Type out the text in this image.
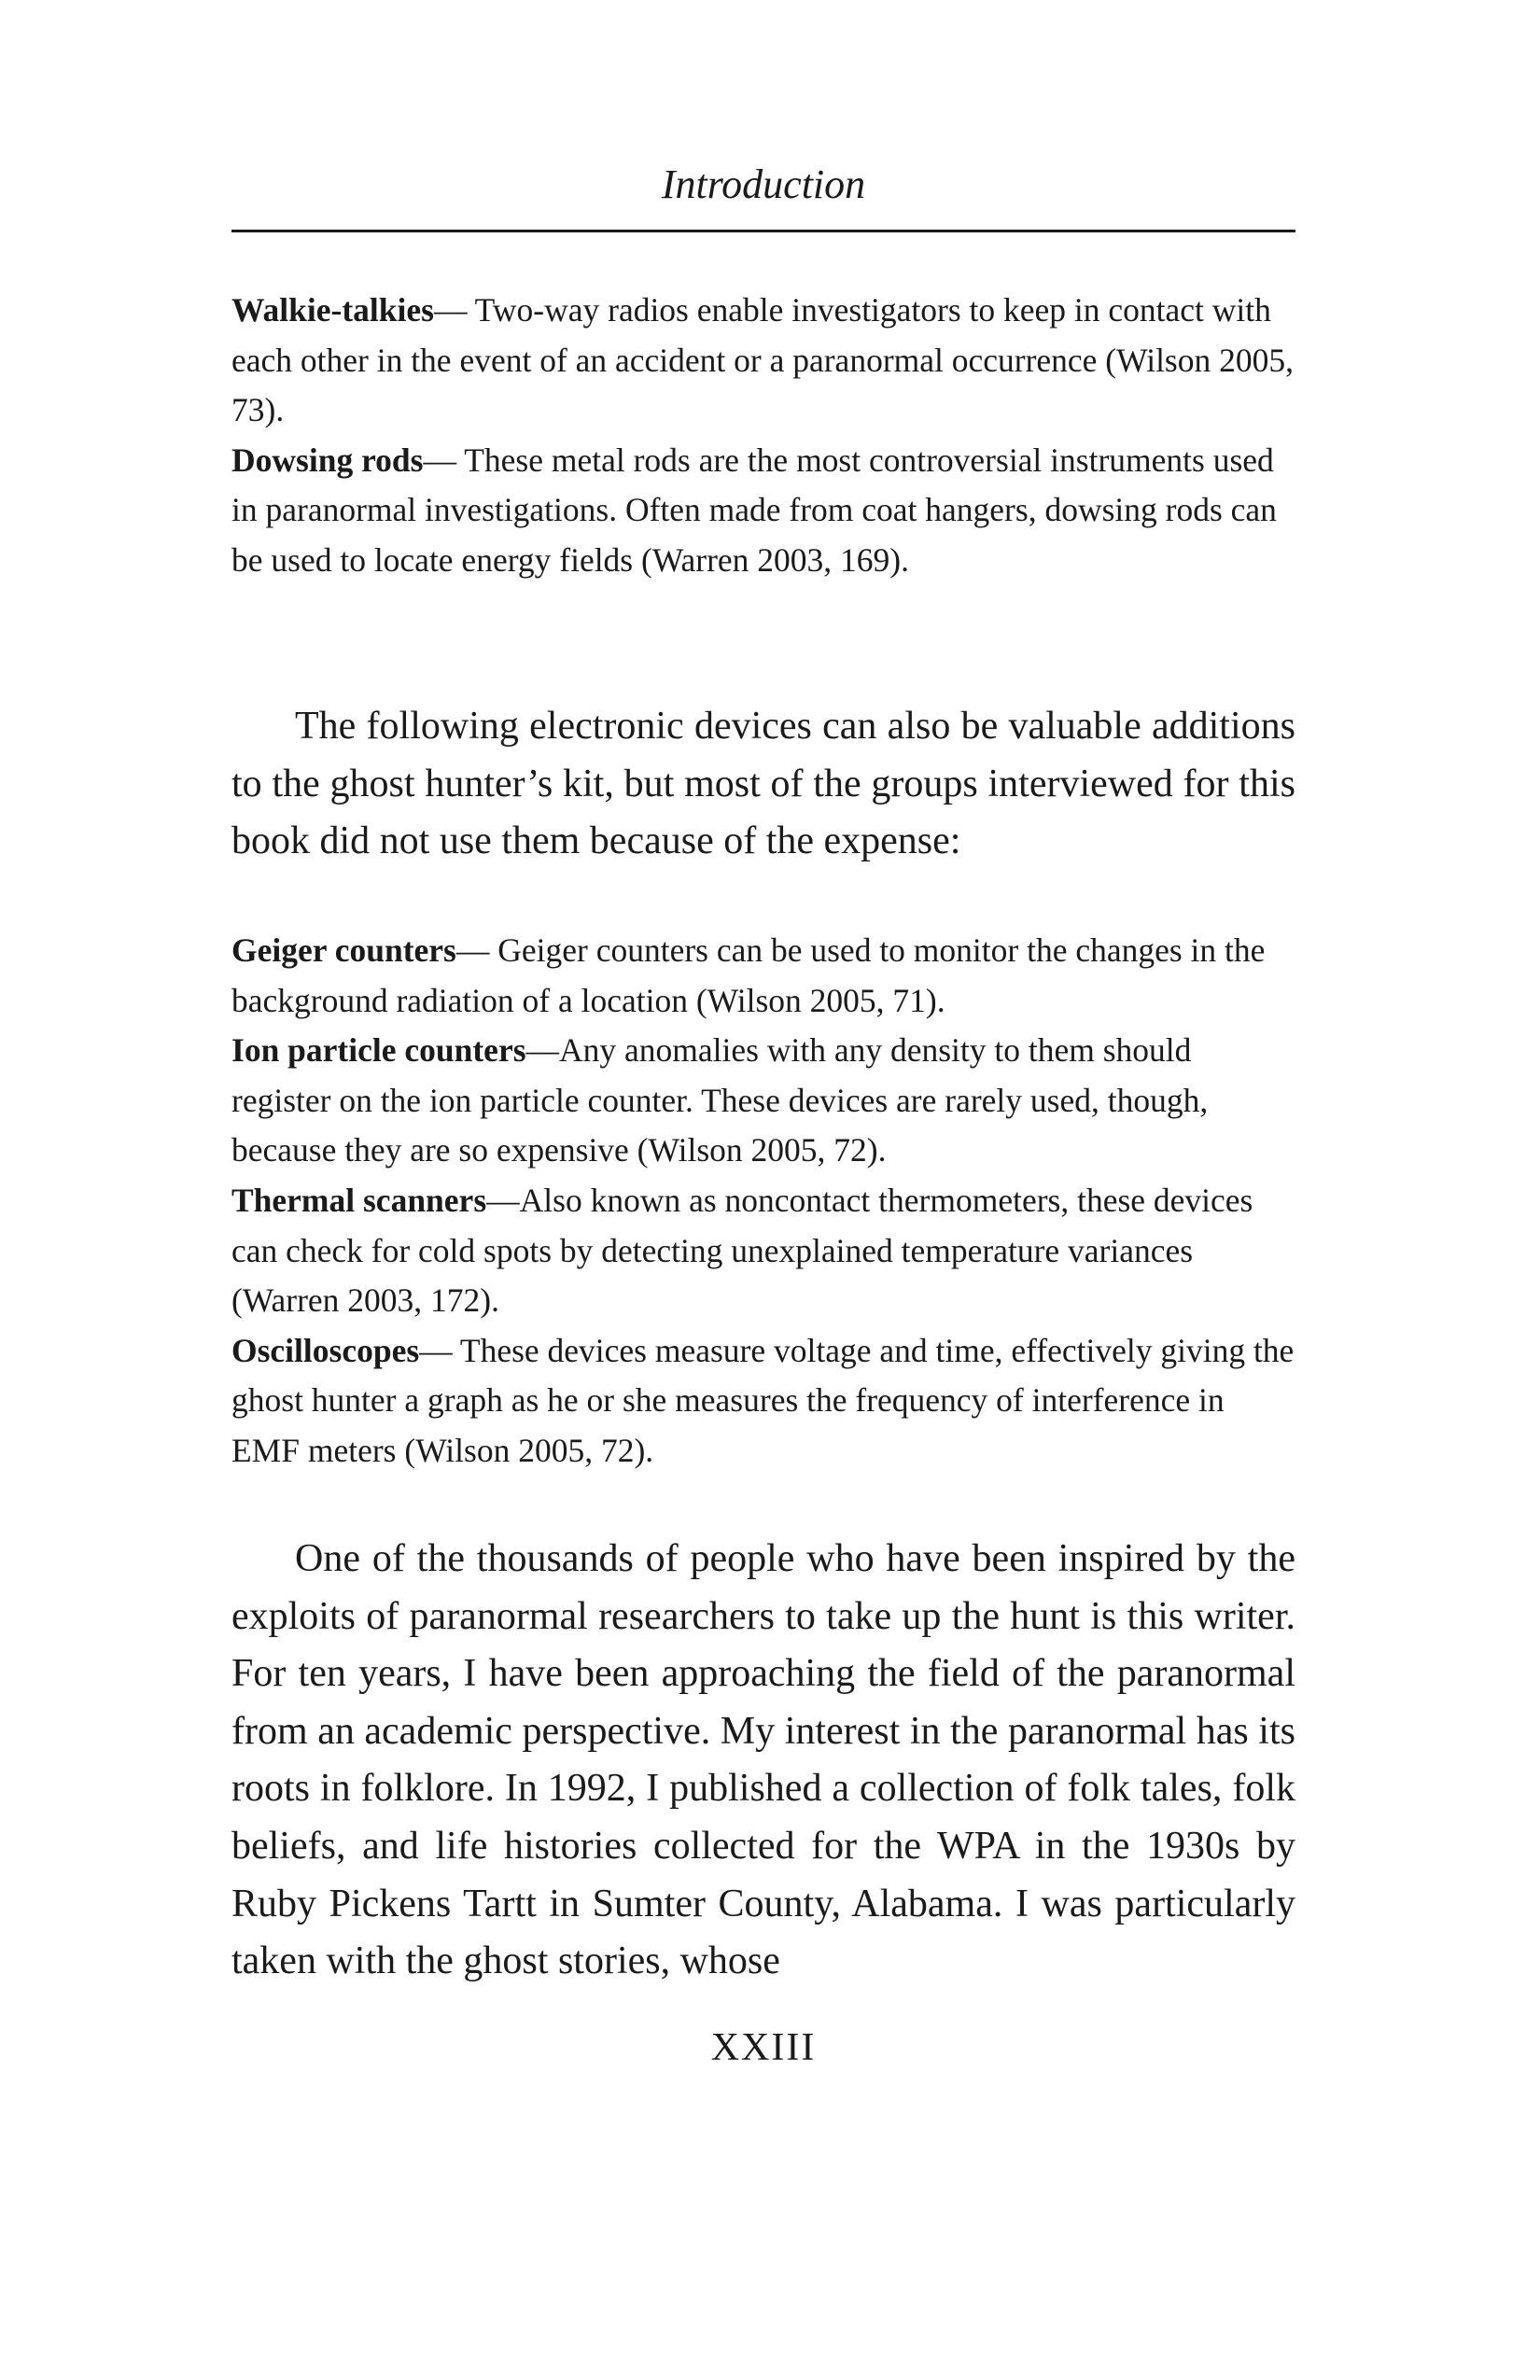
Introduction

Walkie-talkies— Two-way radios enable investigators to keep in contact with each other in the event of an accident or a paranormal occurrence (Wilson 2005, 73).

Dowsing rods— These metal rods are the most controversial instruments used in paranormal investigations. Often made from coat hangers, dowsing rods can be used to locate energy fields (Warren 2003, 169).

The following electronic devices can also be valuable additions to the ghost hunter’s kit, but most of the groups interviewed for this book did not use them because of the expense:

Geiger counters— Geiger counters can be used to monitor the changes in the background radiation of a location (Wilson 2005, 71).

Ion particle counters—Any anomalies with any density to them should register on the ion particle counter. These devices are rarely used, though, because they are so expensive (Wilson 2005, 72).

Thermal scanners—Also known as noncontact thermometers, these devices can check for cold spots by detecting unexplained temperature variances (Warren 2003, 172).

Oscilloscopes— These devices measure voltage and time, effectively giving the ghost hunter a graph as he or she measures the frequency of interference in EMF meters (Wilson 2005, 72).

One of the thousands of people who have been inspired by the exploits of paranormal researchers to take up the hunt is this writer. For ten years, I have been approaching the field of the paranormal from an academic perspective. My interest in the paranormal has its roots in folklore. In 1992, I published a collection of folk tales, folk beliefs, and life histories collected for the WPA in the 1930s by Ruby Pickens Tartt in Sumter County, Alabama. I was particularly taken with the ghost stories, whose

XXIII
